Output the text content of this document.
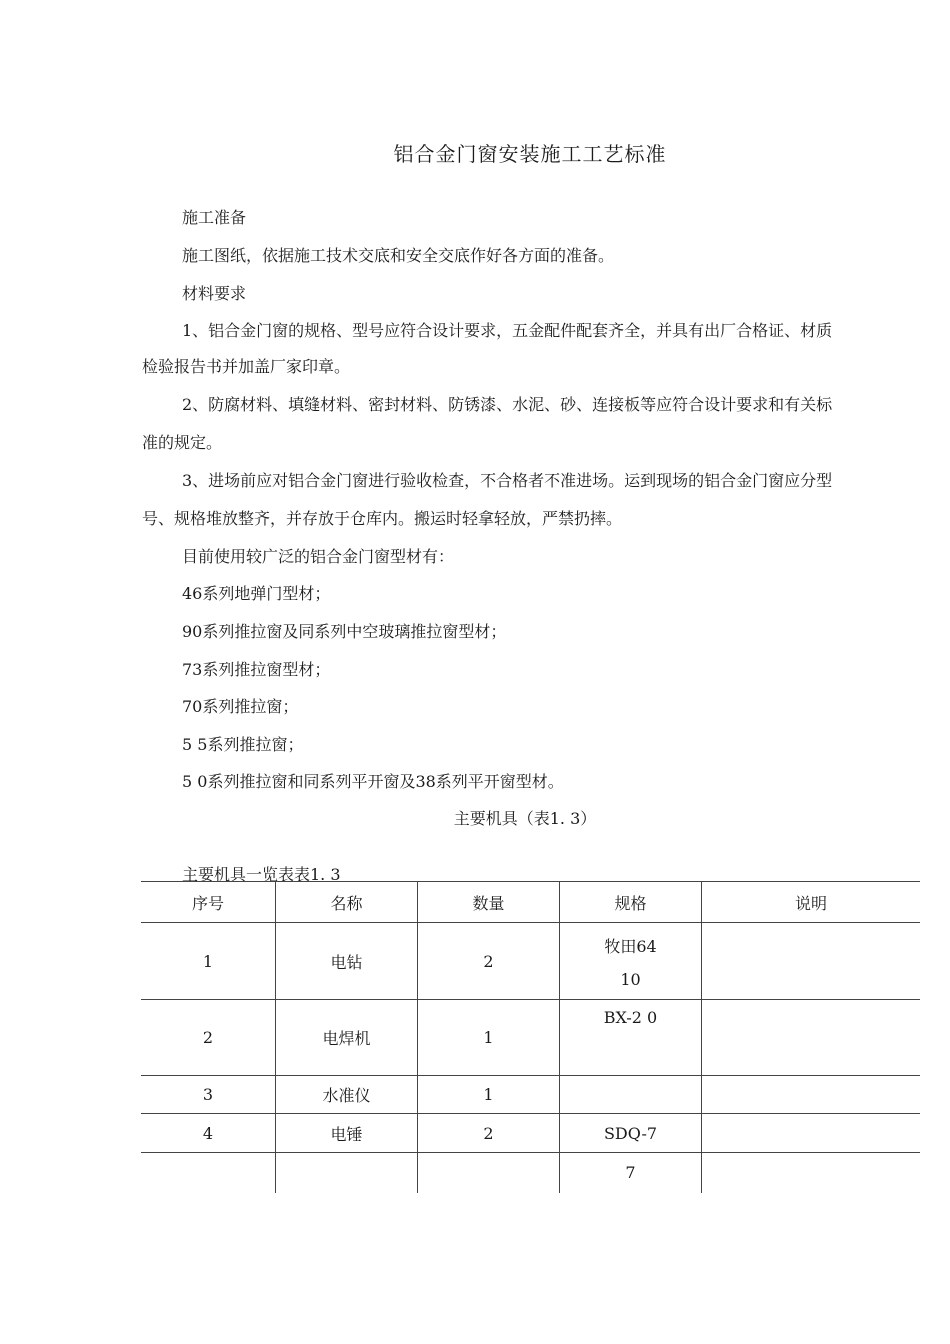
铝合金门窗安装施工工艺标准
施工准备
施工图纸，依据施工技术交底和安全交底作好各方面的准备。
材料要求
1、铝合金门窗的规格、型号应符合设计要求，五金配件配套齐全，并具有出厂合格证、材质
检验报告书并加盖厂家印章。
2、防腐材料、填缝材料、密封材料、防锈漆、水泥、砂、连接板等应符合设计要求和有关标
准的规定。
3、进场前应对铝合金门窗进行验收检查，不合格者不准进场。运到现场的铝合金门窗应分型
号、规格堆放整齐，并存放于仓库内。搬运时轻拿轻放，严禁扔摔。
目前使用较广泛的铝合金门窗型材有：
46系列地弹门型材；
90系列推拉窗及同系列中空玻璃推拉窗型材；
73系列推拉窗型材；
70系列推拉窗；
5 5系列推拉窗；
5 0系列推拉窗和同系列平开窗及38系列平开窗型材。
主要机具（表1. 3）
主要机具一览表表1. 3
序号	名称	数量	规格	说明
1	电钻	2	牧田64
10	

2	电焊机	1	BX-2 0	

3	水准仪	1		
4	电锤	2	SDQ-7	
			7	
